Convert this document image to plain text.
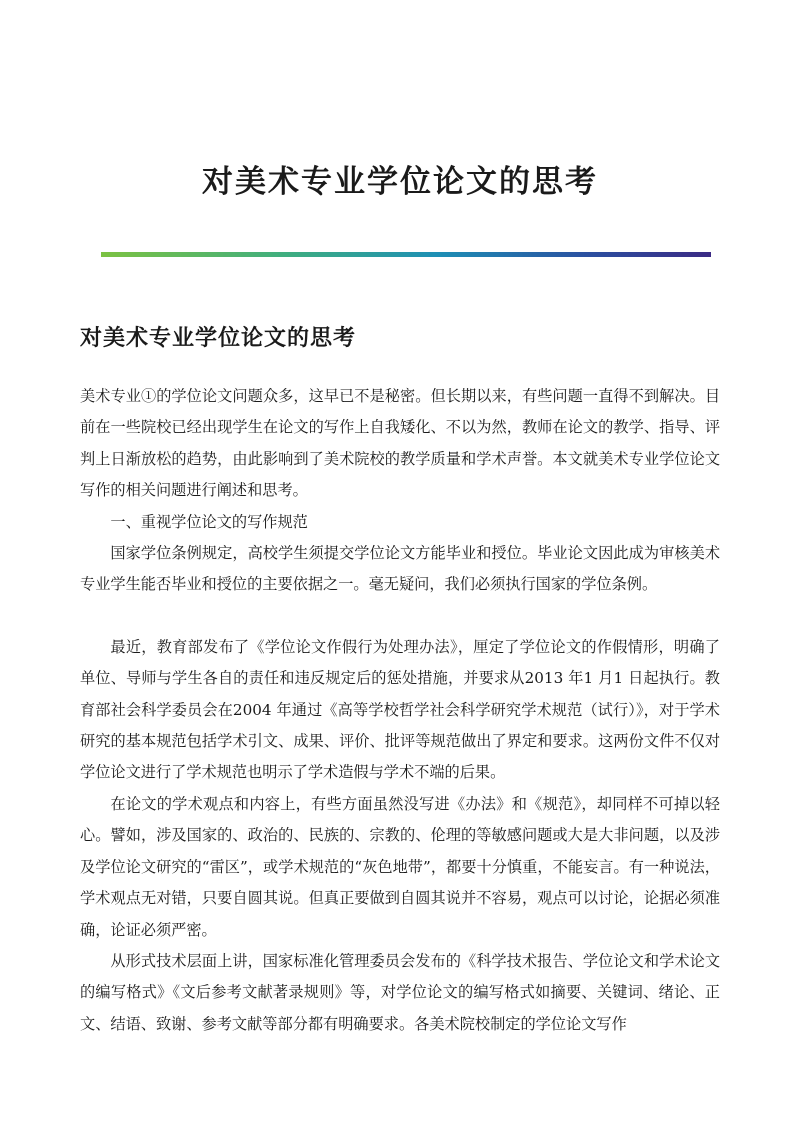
对美术专业学位论文的思考
对美术专业学位论文的思考

美术专业①的学位论文问题众多，这早已不是秘密。但长期以来，有些问题一直得不到解决。目前在一些院校已经出现学生在论文的写作上自我矮化、不以为然，教师在论文的教学、指导、评判上日渐放松的趋势，由此影响到了美术院校的教学质量和学术声誉。本文就美术专业学位论文写作的相关问题进行阐述和思考。

一、重视学位论文的写作规范

国家学位条例规定，高校学生须提交学位论文方能毕业和授位。毕业论文因此成为审核美术专业学生能否毕业和授位的主要依据之一。毫无疑问，我们必须执行国家的学位条例。

最近，教育部发布了《学位论文作假行为处理办法》，厘定了学位论文的作假情形，明确了单位、导师与学生各自的责任和违反规定后的惩处措施，并要求从2013 年1 月1 日起执行。教育部社会科学委员会在2004 年通过《高等学校哲学社会科学研究学术规范（试行）》，对于学术研究的基本规范包括学术引文、成果、评价、批评等规范做出了界定和要求。这两份文件不仅对学位论文进行了学术规范也明示了学术造假与学术不端的后果。

在论文的学术观点和内容上，有些方面虽然没写进《办法》和《规范》，却同样不可掉以轻心。譬如，涉及国家的、政治的、民族的、宗教的、伦理的等敏感问题或大是大非问题，以及涉及学位论文研究的“雷区”，或学术规范的“灰色地带”，都要十分慎重，不能妄言。有一种说法，学术观点无对错，只要自圆其说。但真正要做到自圆其说并不容易，观点可以讨论，论据必须准确，论证必须严密。

从形式技术层面上讲，国家标准化管理委员会发布的《科学技术报告、学位论文和学术论文的编写格式》《文后参考文献著录规则》等，对学位论文的编写格式如摘要、关键词、绪论、正文、结语、致谢、参考文献等部分都有明确要求。各美术院校制定的学位论文写作
